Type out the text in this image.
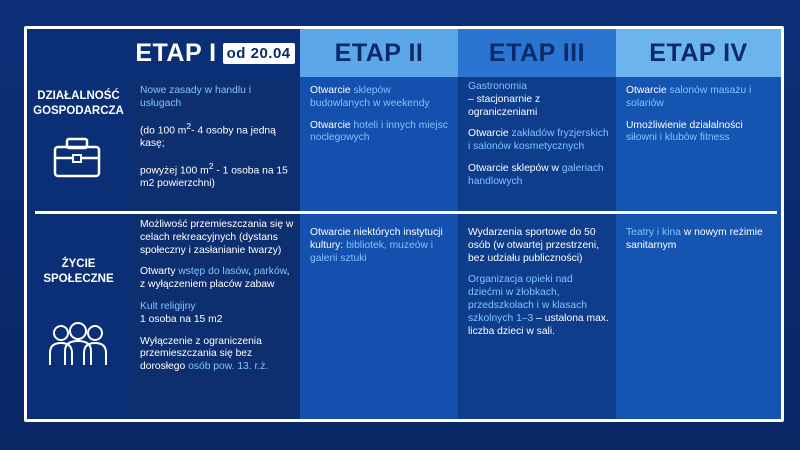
ETAP I od 20.04 ETAP II	ETAP III	ETAP IV
DZIAŁALNOŚĆ
GOSPODARCZA
ŻYCIE
SPOŁECZNE

Nowe zasady w handlu i usługach

(do 100 $m^2-$ 4 osoby na jedną kasę;

powyżej 100 $m^2 - 1$ osoba na 15 m2 powierzchni)

Otwarcie sklepów budowlanych w weekendy

Otwarcie hoteli i innych miejsc noclegowych

Gastronomia
– stacjonarnie z ograniczeniami

Otwarcie zakładów fryzjerskich i salonów kosmetycznych

Otwarcie sklepów w galeriach handlowych

Otwarcie salonów masażu i solariów

Umożliwienie działalności siłowni i klubów fitness

Możliwość przemieszczania się w celach rekreacyjnych (dystans społeczny i zasłanianie twarzy)

Otwarty wstęp do lasów, parków, z wyłączeniem placów zabaw

Kult religijny
1 osoba na 15 m2

Wyłączenie z ograniczenia przemieszczania się bez dorosłego osób pow. 13. r.ż.

Otwarcie niektórych instytucji kultury: bibliotek, muzeów i galerii sztuki

Wydarzenia sportowe do 50 osób (w otwartej przestrzeni, bez udziału publiczności)

Organizacja opieki nad dziećmi w żłobkach, przedszkolach i w klasach szkolnych 1–3 – ustalona max. liczba dzieci w sali.

Teatry i kina w nowym reżimie sanitarnym
